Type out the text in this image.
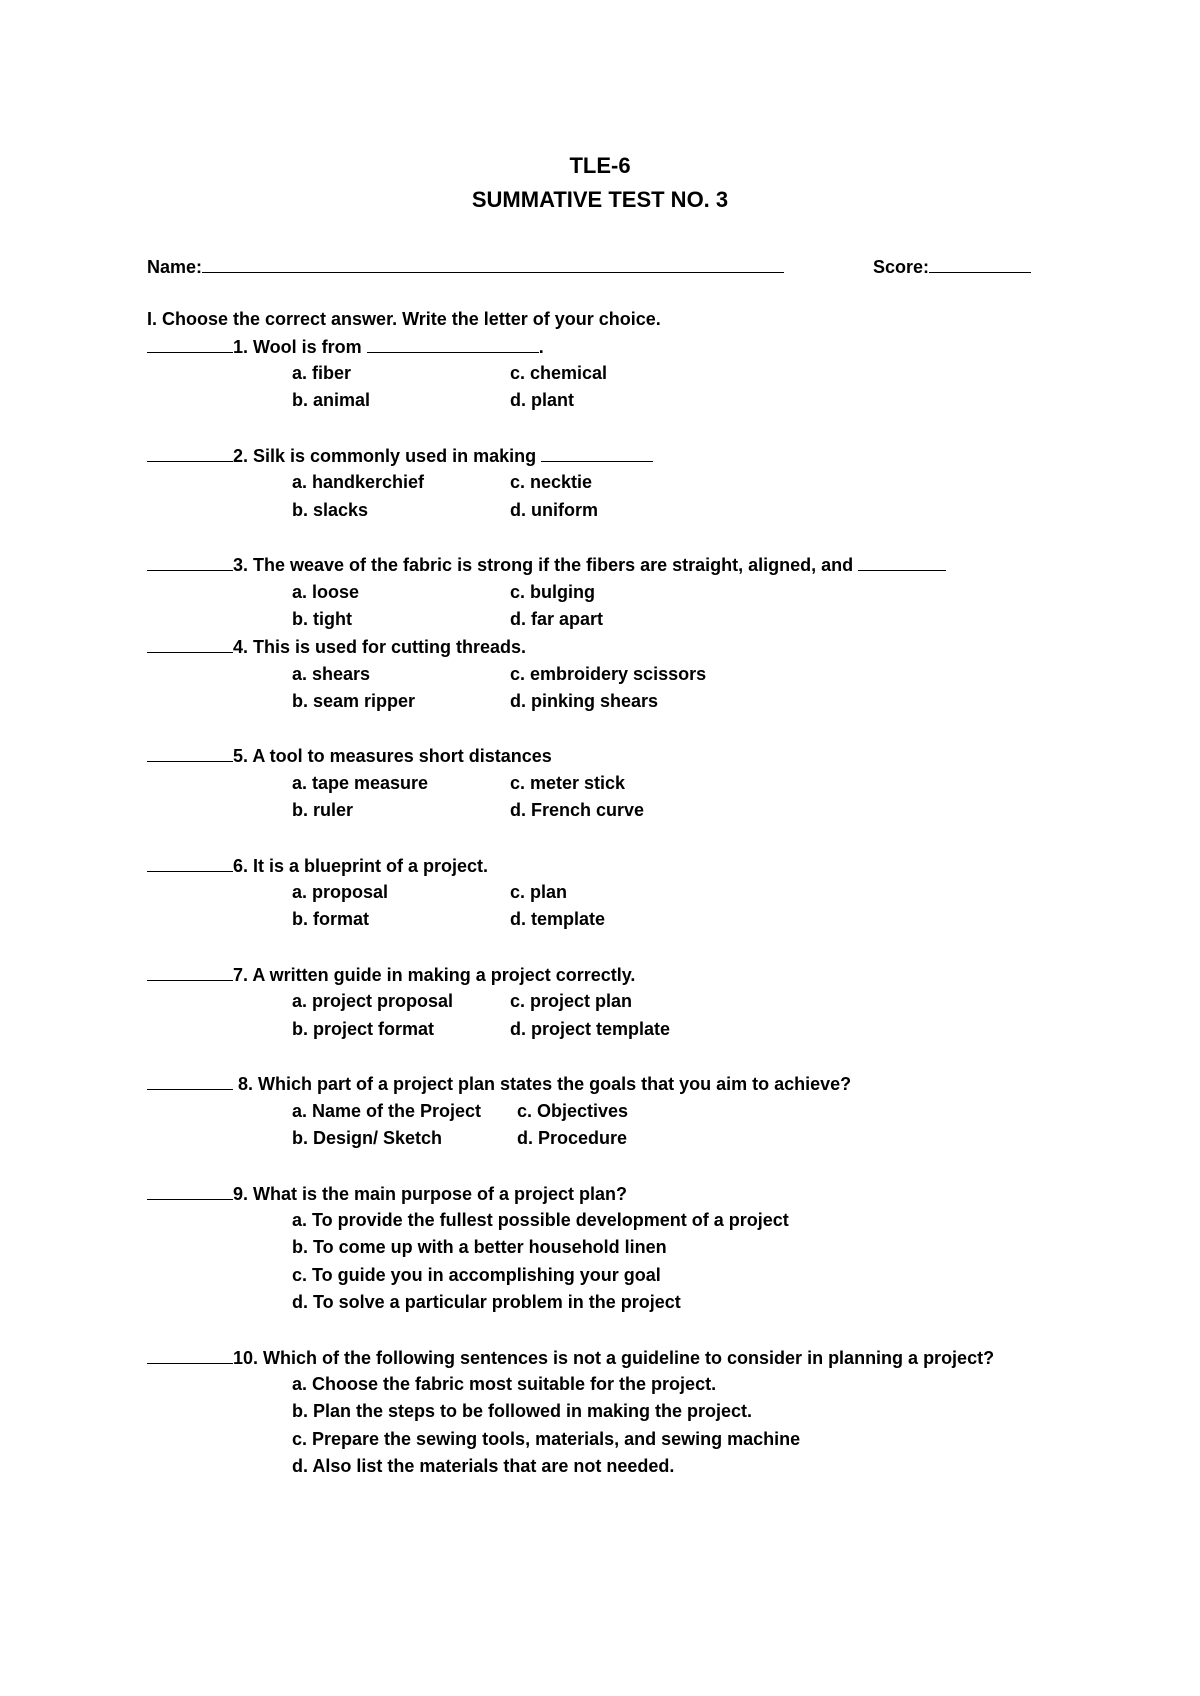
TLE-6
SUMMATIVE TEST NO. 3
Name:	Score:
I. Choose the correct answer. Write the letter of your choice.
1. Wool is from	.
a. fiber	c. chemical
b. animal	d. plant
2. Silk is commonly used in making
a. handkerchief	c. necktie
b. slacks	d. uniform
3. The weave of the fabric is strong if the fibers are straight, aligned, and
a. loose	c. bulging
b. tight	d. far apart
4. This is used for cutting threads.
a. shears	c. embroidery scissors
b. seam ripper	d. pinking shears
5. A tool to measures short distances
a. tape measure	c. meter stick
b. ruler	d. French curve
6. It is a blueprint of a project.
a. proposal	c. plan
b. format	d. template
7. A written guide in making a project correctly.
a. project proposal	c. project plan
b. project format	d. project template
8. Which part of a project plan states the goals that you aim to achieve?
a. Name of the Project c. Objectives
b. Design/ Sketch	d. Procedure
9. What is the main purpose of a project plan?
a. To provide the fullest possible development of a project
b. To come up with a better household linen
c. To guide you in accomplishing your goal
d. To solve a particular problem in the project
10. Which of the following sentences is not a guideline to consider in planning a project?
a. Choose the fabric most suitable for the project.
b. Plan the steps to be followed in making the project.
c. Prepare the sewing tools, materials, and sewing machine
d. Also list the materials that are not needed.
